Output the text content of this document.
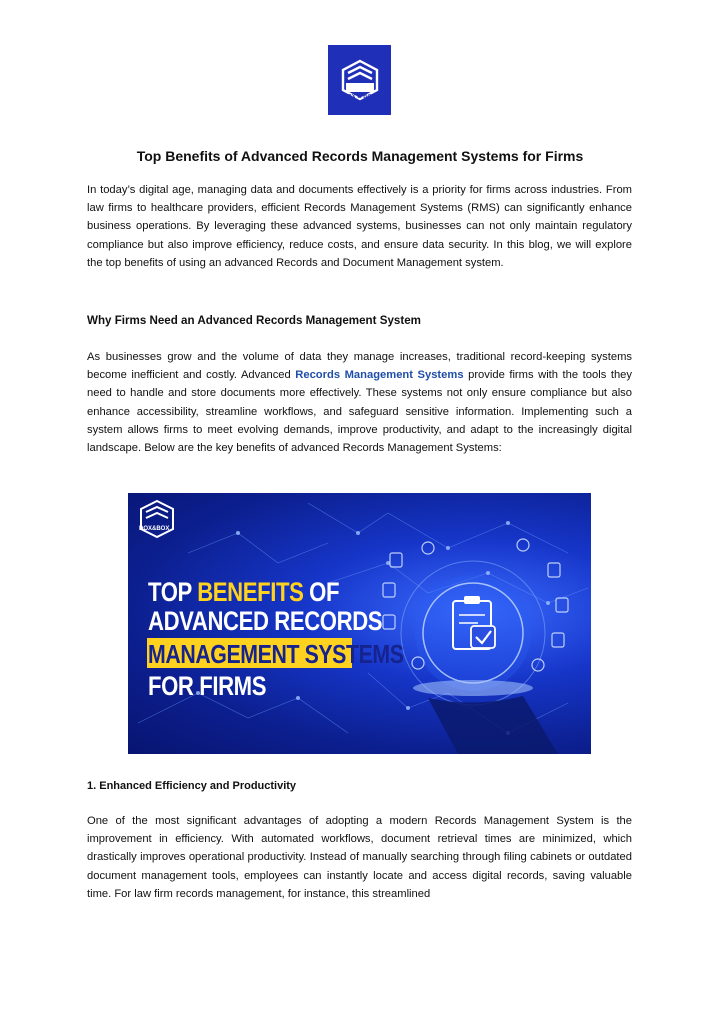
DOX & BOX
Top Benefits of Advanced Records Management Systems for Firms

In today’s digital age, managing data and documents effectively is a priority for firms across industries. From law firms to healthcare providers, efficient Records Management Systems (RMS) can significantly enhance business operations. By leveraging these advanced systems, businesses can not only maintain regulatory compliance but also improve efficiency, reduce costs, and ensure data security. In this blog, we will explore the top benefits of using an advanced Records and Document Management system.

Why Firms Need an Advanced Records Management System

As businesses grow and the volume of data they manage increases, traditional record-keeping systems become inefficient and costly. Advanced Records Management Systems provide firms with the tools they need to handle and store documents more effectively. These systems not only ensure compliance but also enhance accessibility, streamline workflows, and safeguard sensitive information. Implementing such a system allows firms to meet evolving demands, improve productivity, and adapt to the increasingly digital landscape. Below are the key benefits of advanced Records Management Systems:

DOX&BOX
TOP BENEFITS OF
ADVANCED RECORDS
MANAGEMENT SYSTEMS
FOR FIRMS

1. Enhanced Efficiency and Productivity

One of the most significant advantages of adopting a modern Records Management System is the improvement in efficiency. With automated workflows, document retrieval times are minimized, which drastically improves operational productivity. Instead of manually searching through filing cabinets or outdated document management tools, employees can instantly locate and access digital records, saving valuable time. For law firm records management, for instance, this streamlined
